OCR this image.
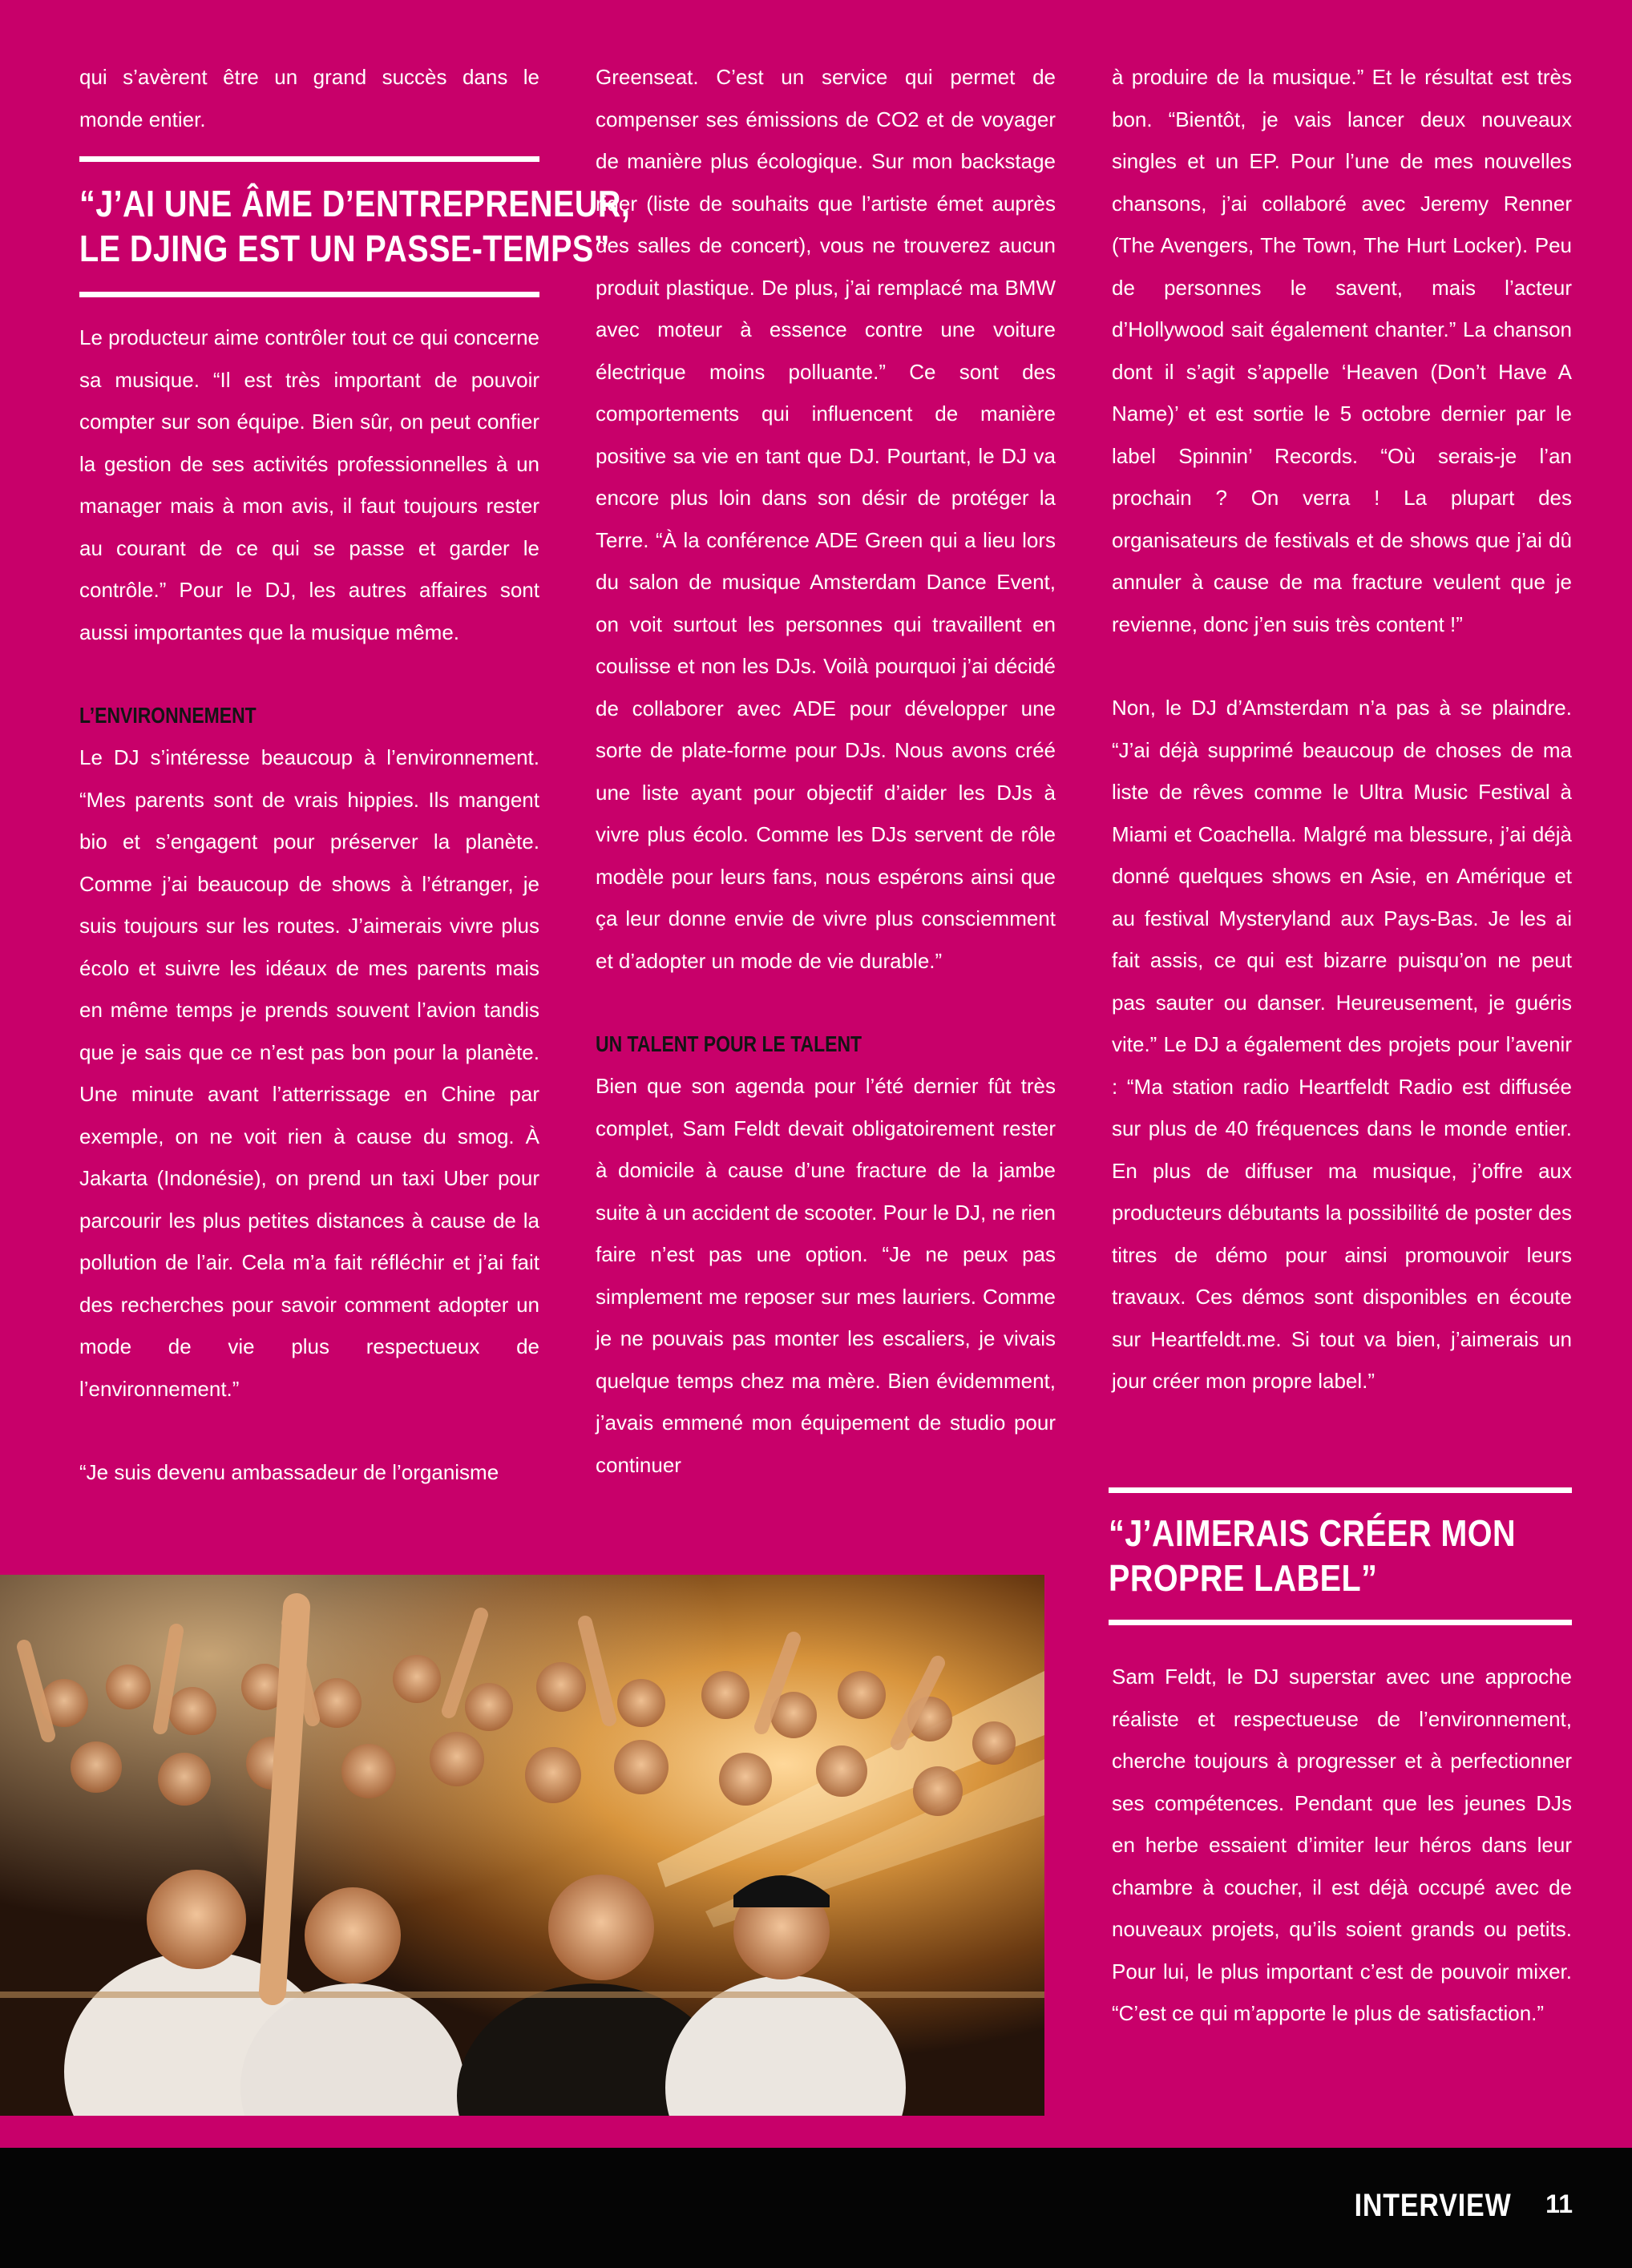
qui s’avèrent être un grand succès dans le monde entier.

“J’AI UNE ÂME D’ENTREPRENEUR,
LE DJING EST UN PASSE-TEMPS”

Le producteur aime contrôler tout ce qui concerne sa musique. “Il est très important de pouvoir compter sur son équipe. Bien sûr, on peut confier la gestion de ses activités professionnelles à un manager mais à mon avis, il faut toujours rester au courant de ce qui se passe et garder le contrôle.” Pour le DJ, les autres affaires sont aussi importantes que la musique même.

L’ENVIRONNEMENT

Le DJ s’intéresse beaucoup à l’environnement. “Mes parents sont de vrais hippies. Ils mangent bio et s’engagent pour préserver la planète. Comme j’ai beaucoup de shows à l’étranger, je suis toujours sur les routes. J’aimerais vivre plus écolo et suivre les idéaux de mes parents mais en même temps je prends souvent l’avion tandis que je sais que ce n’est pas bon pour la planète. Une minute avant l’atterrissage en Chine par exemple, on ne voit rien à cause du smog. À Jakarta (Indonésie), on prend un taxi Uber pour parcourir les plus petites distances à cause de la pollution de l’air. Cela m’a fait réfléchir et j’ai fait des recherches pour savoir comment adopter un mode de vie plus respectueux de l’environnement.”

“Je suis devenu ambassadeur de l’organisme

Greenseat. C’est un service qui permet de compenser ses émissions de CO2 et de voyager de manière plus écologique. Sur mon backstage rider (liste de souhaits que l’artiste émet auprès des salles de concert), vous ne trouverez aucun produit plastique. De plus, j’ai remplacé ma BMW avec moteur à essence contre une voiture électrique moins polluante.” Ce sont des comportements qui influencent de manière positive sa vie en tant que DJ. Pourtant, le DJ va encore plus loin dans son désir de protéger la Terre. “À la conférence ADE Green qui a lieu lors du salon de musique Amsterdam Dance Event, on voit surtout les personnes qui travaillent en coulisse et non les DJs. Voilà pourquoi j’ai décidé de collaborer avec ADE pour développer une sorte de plate-forme pour DJs. Nous avons créé une liste ayant pour objectif d’aider les DJs à vivre plus écolo. Comme les DJs servent de rôle modèle pour leurs fans, nous espérons ainsi que ça leur donne envie de vivre plus consciemment et d’adopter un mode de vie durable.”

UN TALENT POUR LE TALENT

Bien que son agenda pour l’été dernier fût très complet, Sam Feldt devait obligatoirement rester à domicile à cause d’une fracture de la jambe suite à un accident de scooter. Pour le DJ, ne rien faire n’est pas une option. “Je ne peux pas simplement me reposer sur mes lauriers. Comme je ne pouvais pas monter les escaliers, je vivais quelque temps chez ma mère. Bien évidemment, j’avais emmené mon équipement de studio pour continuer

à produire de la musique.” Et le résultat est très bon. “Bientôt, je vais lancer deux nouveaux singles et un EP. Pour l’une de mes nouvelles chansons, j’ai collaboré avec Jeremy Renner (The Avengers, The Town, The Hurt Locker). Peu de personnes le savent, mais l’acteur d’Hollywood sait également chanter.” La chanson dont il s’agit s’appelle ‘Heaven (Don’t Have A Name)’ et est sortie le 5 octobre dernier par le label Spinnin’ Records. “Où serais-je l’an prochain ? On verra ! La plupart des organisateurs de festivals et de shows que j’ai dû annuler à cause de ma fracture veulent que je revienne, donc j’en suis très content !”

Non, le DJ d’Amsterdam n’a pas à se plaindre. “J’ai déjà supprimé beaucoup de choses de ma liste de rêves comme le Ultra Music Festival à Miami et Coachella. Malgré ma blessure, j’ai déjà donné quelques shows en Asie, en Amérique et au festival Mysteryland aux Pays-Bas. Je les ai fait assis, ce qui est bizarre puisqu’on ne peut pas sauter ou danser. Heureusement, je guéris vite.” Le DJ a également des projets pour l’avenir : “Ma station radio Heartfeldt Radio est diffusée sur plus de 40 fréquences dans le monde entier. En plus de diffuser ma musique, j’offre aux producteurs débutants la possibilité de poster des titres de démo pour ainsi promouvoir leurs travaux. Ces démos sont disponibles en écoute sur Heartfeldt.me. Si tout va bien, j’aimerais un jour créer mon propre label.”

“J’AIMERAIS CRÉER MON
PROPRE LABEL”

Sam Feldt, le DJ superstar avec une approche réaliste et respectueuse de l’environnement, cherche toujours à progresser et à perfectionner ses compétences. Pendant que les jeunes DJs en herbe essaient d’imiter leur héros dans leur chambre à coucher, il est déjà occupé avec de nouveaux projets, qu’ils soient grands ou petits. Pour lui, le plus important c’est de pouvoir mixer. “C’est ce qui m’apporte le plus de satisfaction.”

INTERVIEW 11
